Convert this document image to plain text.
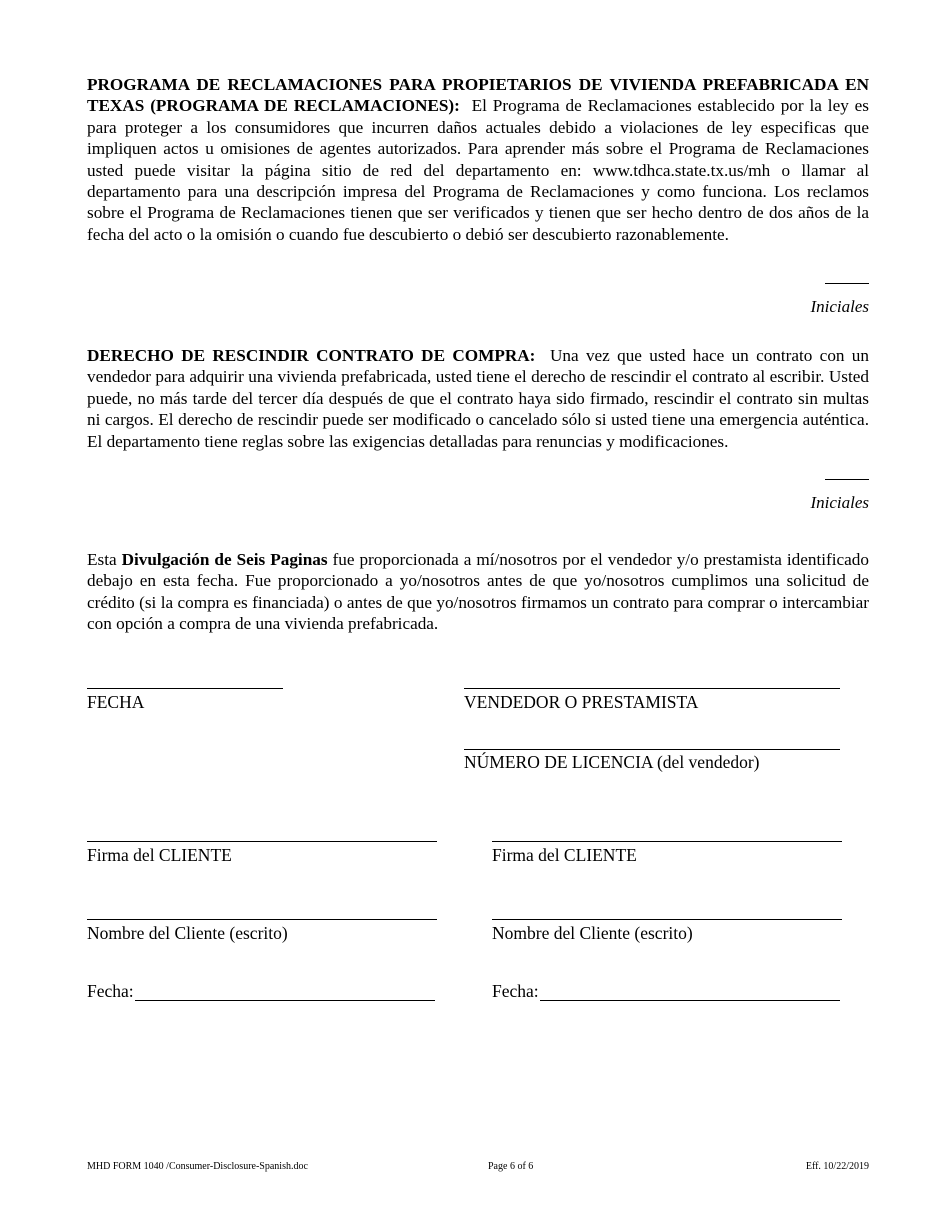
PROGRAMA DE RECLAMACIONES PARA PROPIETARIOS DE VIVIENDA PREFABRICADA EN TEXAS (PROGRAMA DE RECLAMACIONES): El Programa de Reclamaciones establecido por la ley es para proteger a los consumidores que incurren daños actuales debido a violaciones de ley especificas que impliquen actos u omisiones de agentes autorizados. Para aprender más sobre el Programa de Reclamaciones usted puede visitar la página sitio de red del departamento en: www.tdhca.state.tx.us/mh o llamar al departamento para una descripción impresa del Programa de Reclamaciones y como funciona. Los reclamos sobre el Programa de Reclamaciones tienen que ser verificados y tienen que ser hecho dentro de dos años de la fecha del acto o la omisión o cuando fue descubierto o debió ser descubierto razonablemente.

Iniciales

DERECHO DE RESCINDIR CONTRATO DE COMPRA: Una vez que usted hace un contrato con un vendedor para adquirir una vivienda prefabricada, usted tiene el derecho de rescindir el contrato al escribir. Usted puede, no más tarde del tercer día después de que el contrato haya sido firmado, rescindir el contrato sin multas ni cargos. El derecho de rescindir puede ser modificado o cancelado sólo si usted tiene una emergencia auténtica. El departamento tiene reglas sobre las exigencias detalladas para renuncias y modificaciones.

Iniciales

Esta Divulgación de Seis Paginas fue proporcionada a mí/nosotros por el vendedor y/o prestamista identificado debajo en esta fecha. Fue proporcionado a yo/nosotros antes de que yo/nosotros cumplimos una solicitud de crédito (si la compra es financiada) o antes de que yo/nosotros firmamos un contrato para comprar o intercambiar con opción a compra de una vivienda prefabricada.

FECHA	VENDEDOR O PRESTAMISTA
NÚMERO DE LICENCIA (del vendedor)
Firma del CLIENTE	Firma del CLIENTE
Nombre del Cliente (escrito)	Nombre del Cliente (escrito)
Fecha:	Fecha:
MHD FORM 1040 /Consumer-Disclosure-Spanish.doc	Page 6 of 6	Eff. 10/22/2019
